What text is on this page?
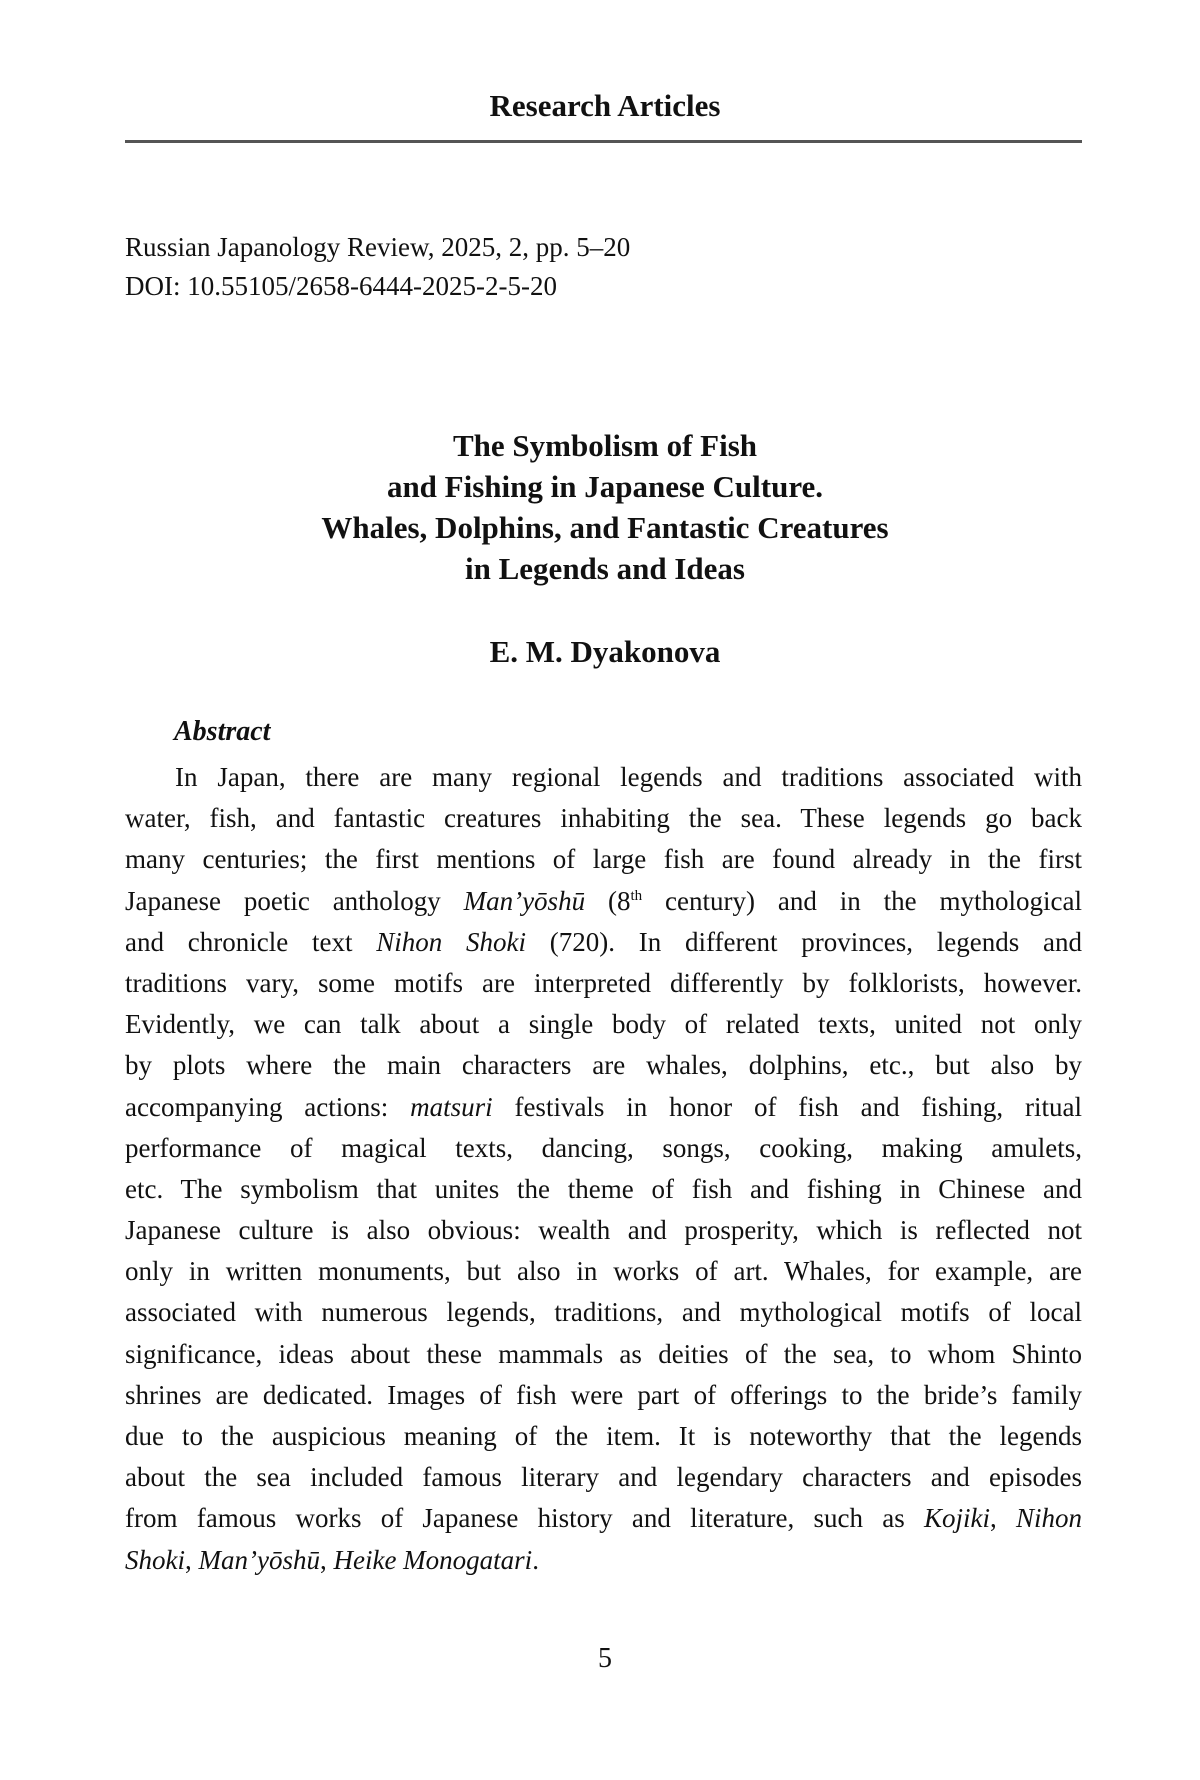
Research Articles
Russian Japanology Review, 2025, 2, pp. 5–20
DOI: 10.55105/2658-6444-2025-2-5-20
The Symbolism of Fish
and Fishing in Japanese Culture.
Whales, Dolphins, and Fantastic Creatures
in Legends and Ideas
E. M. Dyakonova
Abstract
In Japan, there are many regional legends and traditions associated with
water, fish, and fantastic creatures inhabiting the sea. These legends go back
many centuries; the first mentions of large fish are found already in the first
Japanese poetic anthology Man’yōshū (8th century) and in the mythological
and chronicle text Nihon Shoki (720). In different provinces, legends and
traditions vary, some motifs are interpreted differently by folklorists, however.
Evidently, we can talk about a single body of related texts, united not only
by plots where the main characters are whales, dolphins, etc., but also by
accompanying actions: matsuri festivals in honor of fish and fishing, ritual
performance of magical texts, dancing, songs, cooking, making amulets,
etc. The symbolism that unites the theme of fish and fishing in Chinese and
Japanese culture is also obvious: wealth and prosperity, which is reflected not
only in written monuments, but also in works of art. Whales, for example, are
associated with numerous legends, traditions, and mythological motifs of local
significance, ideas about these mammals as deities of the sea, to whom Shinto
shrines are dedicated. Images of fish were part of offerings to the bride’s family
due to the auspicious meaning of the item. It is noteworthy that the legends
about the sea included famous literary and legendary characters and episodes
from famous works of Japanese history and literature, such as Kojiki, Nihon
Shoki, Man’yōshū, Heike Monogatari.
5
